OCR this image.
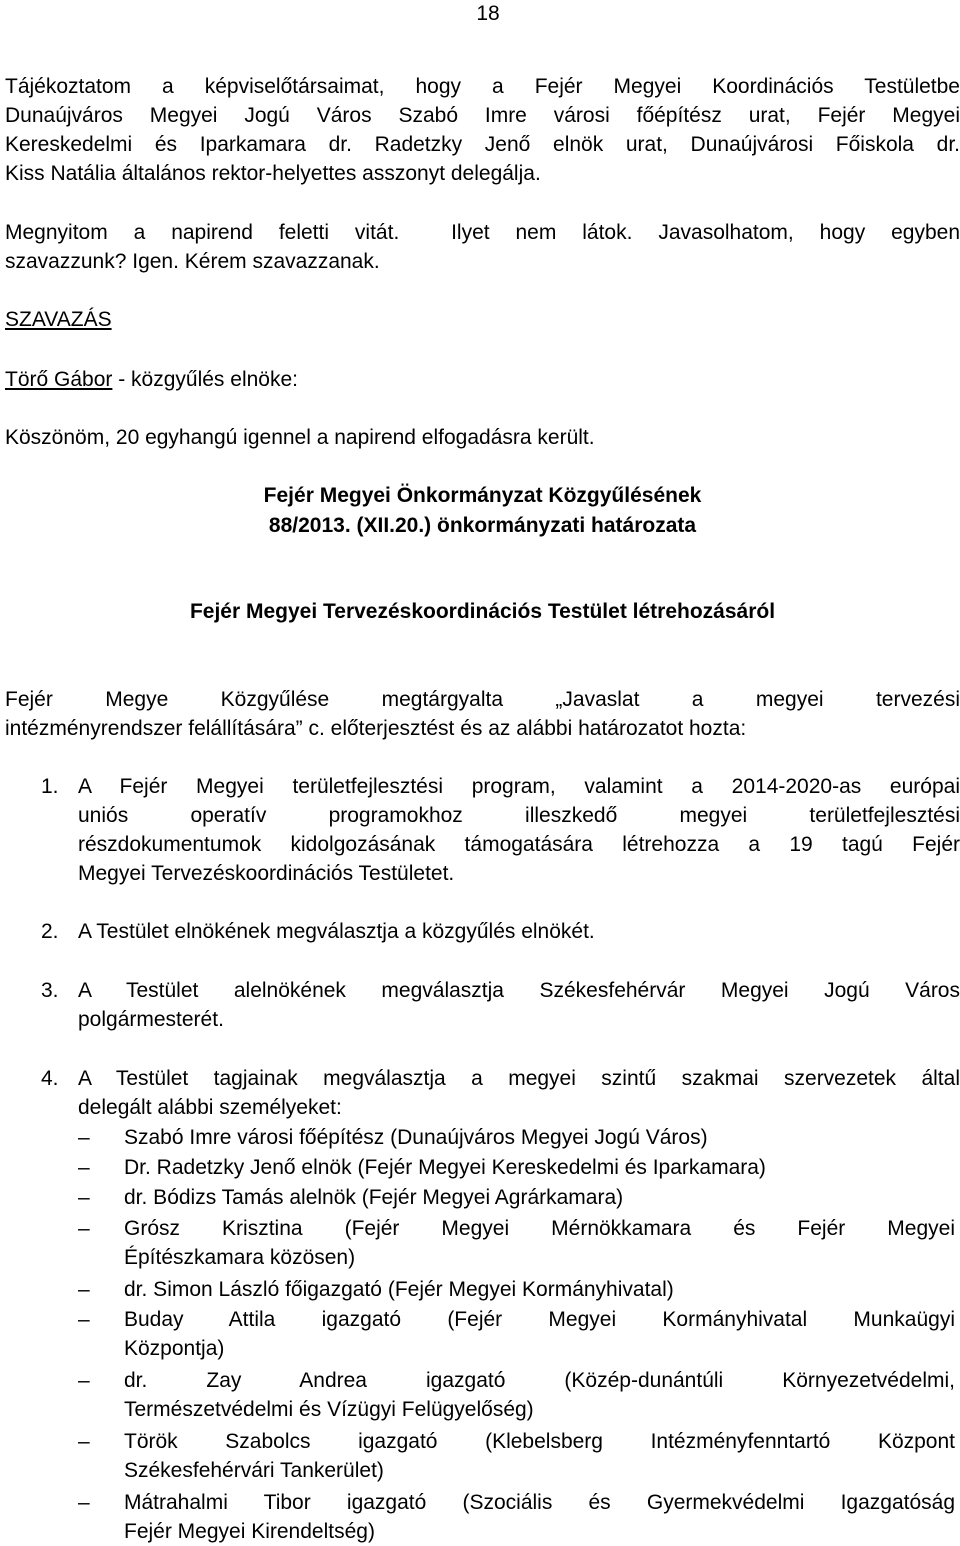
18
Tájékoztatom a képviselőtársaimat, hogy a Fejér Megyei Koordinációs Testületbe
Dunaújváros Megyei Jogú Város Szabó Imre városi főépítész urat, Fejér Megyei
Kereskedelmi és Iparkamara dr. Radetzky Jenő elnök urat, Dunaújvárosi Főiskola dr.
Kiss Natália általános rektor-helyettes asszonyt delegálja.
Megnyitom a napirend feletti vitát.  Ilyet nem látok. Javasolhatom, hogy egyben
szavazzunk? Igen. Kérem szavazzanak.
SZAVAZÁS
Törő Gábor - közgyűlés elnöke:
Köszönöm, 20 egyhangú igennel a napirend elfogadásra került.
Fejér Megyei Önkormányzat Közgyűlésének
88/2013. (XII.20.) önkormányzati határozata
Fejér Megyei Tervezéskoordinációs Testület létrehozásáról
Fejér Megye Közgyűlése megtárgyalta „Javaslat a megyei tervezési
intézményrendszer felállítására” c. előterjesztést és az alábbi határozatot hozta:
1. A Fejér Megyei területfejlesztési program, valamint a 2014-2020-as európai
uniós operatív programokhoz illeszkedő megyei területfejlesztési
részdokumentumok kidolgozásának támogatására létrehozza a 19 tagú Fejér
Megyei Tervezéskoordinációs Testületet.
2. A Testület elnökének megválasztja a közgyűlés elnökét.
3. A Testület alelnökének megválasztja Székesfehérvár Megyei Jogú Város
polgármesterét.
4. A Testület tagjainak megválasztja a megyei szintű szakmai szervezetek által
delegált alábbi személyeket:
–	Szabó Imre városi főépítész (Dunaújváros Megyei Jogú Város)
–	Dr. Radetzky Jenő elnök (Fejér Megyei Kereskedelmi és Iparkamara)
–	dr. Bódizs Tamás alelnök (Fejér Megyei Agrárkamara)
–	Grósz Krisztina (Fejér Megyei Mérnökkamara és Fejér Megyei
Építészkamara közösen)
–	dr. Simon László főigazgató (Fejér Megyei Kormányhivatal)
–	Buday Attila igazgató (Fejér Megyei Kormányhivatal Munkaügyi
Központja)
–	dr. Zay Andrea igazgató (Közép-dunántúli Környezetvédelmi,
Természetvédelmi és Vízügyi Felügyelőség)
–	Török Szabolcs igazgató (Klebelsberg Intézményfenntartó Központ
Székesfehérvári Tankerület)
–	Mátrahalmi Tibor igazgató (Szociális és Gyermekvédelmi Igazgatóság
Fejér Megyei Kirendeltség)
